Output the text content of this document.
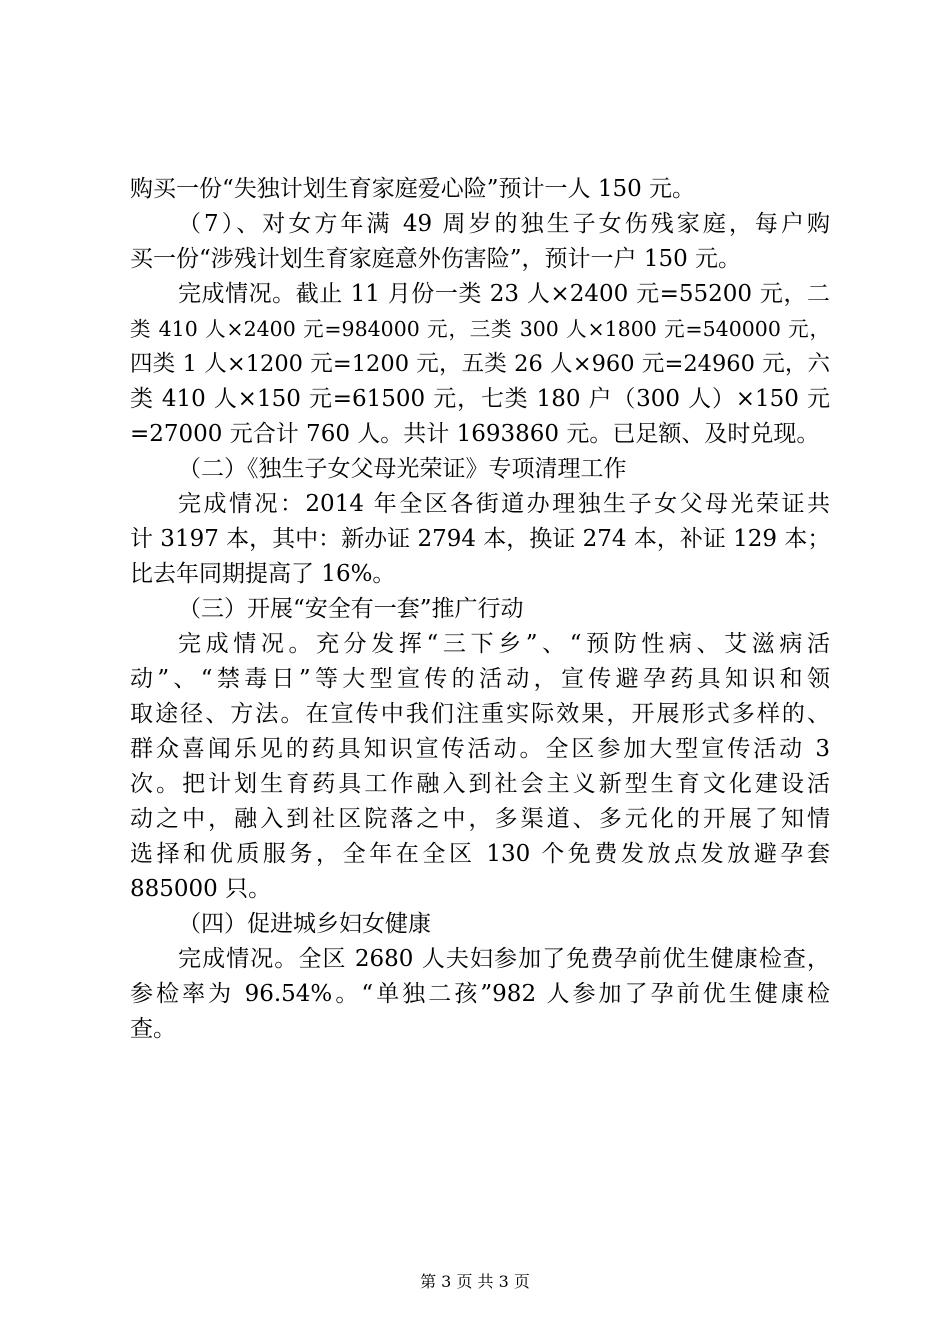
购买一份“失独计划生育家庭爱心险”预计一人 150 元。
（7）、对女方年满 49 周岁的独生子女伤残家庭，每户购
买一份“涉残计划生育家庭意外伤害险”，预计一户 150 元。
完成情况。截止 11 月份一类 23 人×2400 元=55200 元，二
类 410 人×2400 元=984000 元，三类 300 人×1800 元=540000 元，
四类 1 人×1200 元=1200 元，五类 26 人×960 元=24960 元，六
类 410 人×150 元=61500 元，七类 180 户（300 人）×150 元
=27000 元合计 760 人。共计 1693860 元。已足额、及时兑现。
（二）《独生子女父母光荣证》专项清理工作
完成情况：2014 年全区各街道办理独生子女父母光荣证共
计 3197 本，其中：新办证 2794 本，换证 274 本，补证 129 本；
比去年同期提高了 16%。
（三）开展“安全有一套”推广行动
完成情况。充分发挥“三下乡”、“预防性病、艾滋病活
动”、“禁毒日”等大型宣传的活动，宣传避孕药具知识和领
取途径、方法。在宣传中我们注重实际效果，开展形式多样的、
群众喜闻乐见的药具知识宣传活动。全区参加大型宣传活动 3
次。把计划生育药具工作融入到社会主义新型生育文化建设活
动之中，融入到社区院落之中，多渠道、多元化的开展了知情
选择和优质服务，全年在全区 130 个免费发放点发放避孕套
885000 只。
（四）促进城乡妇女健康
完成情况。全区 2680 人夫妇参加了免费孕前优生健康检查，
参检率为 96.54%。“单独二孩”982 人参加了孕前优生健康检
查。
第 3 页 共 3 页
